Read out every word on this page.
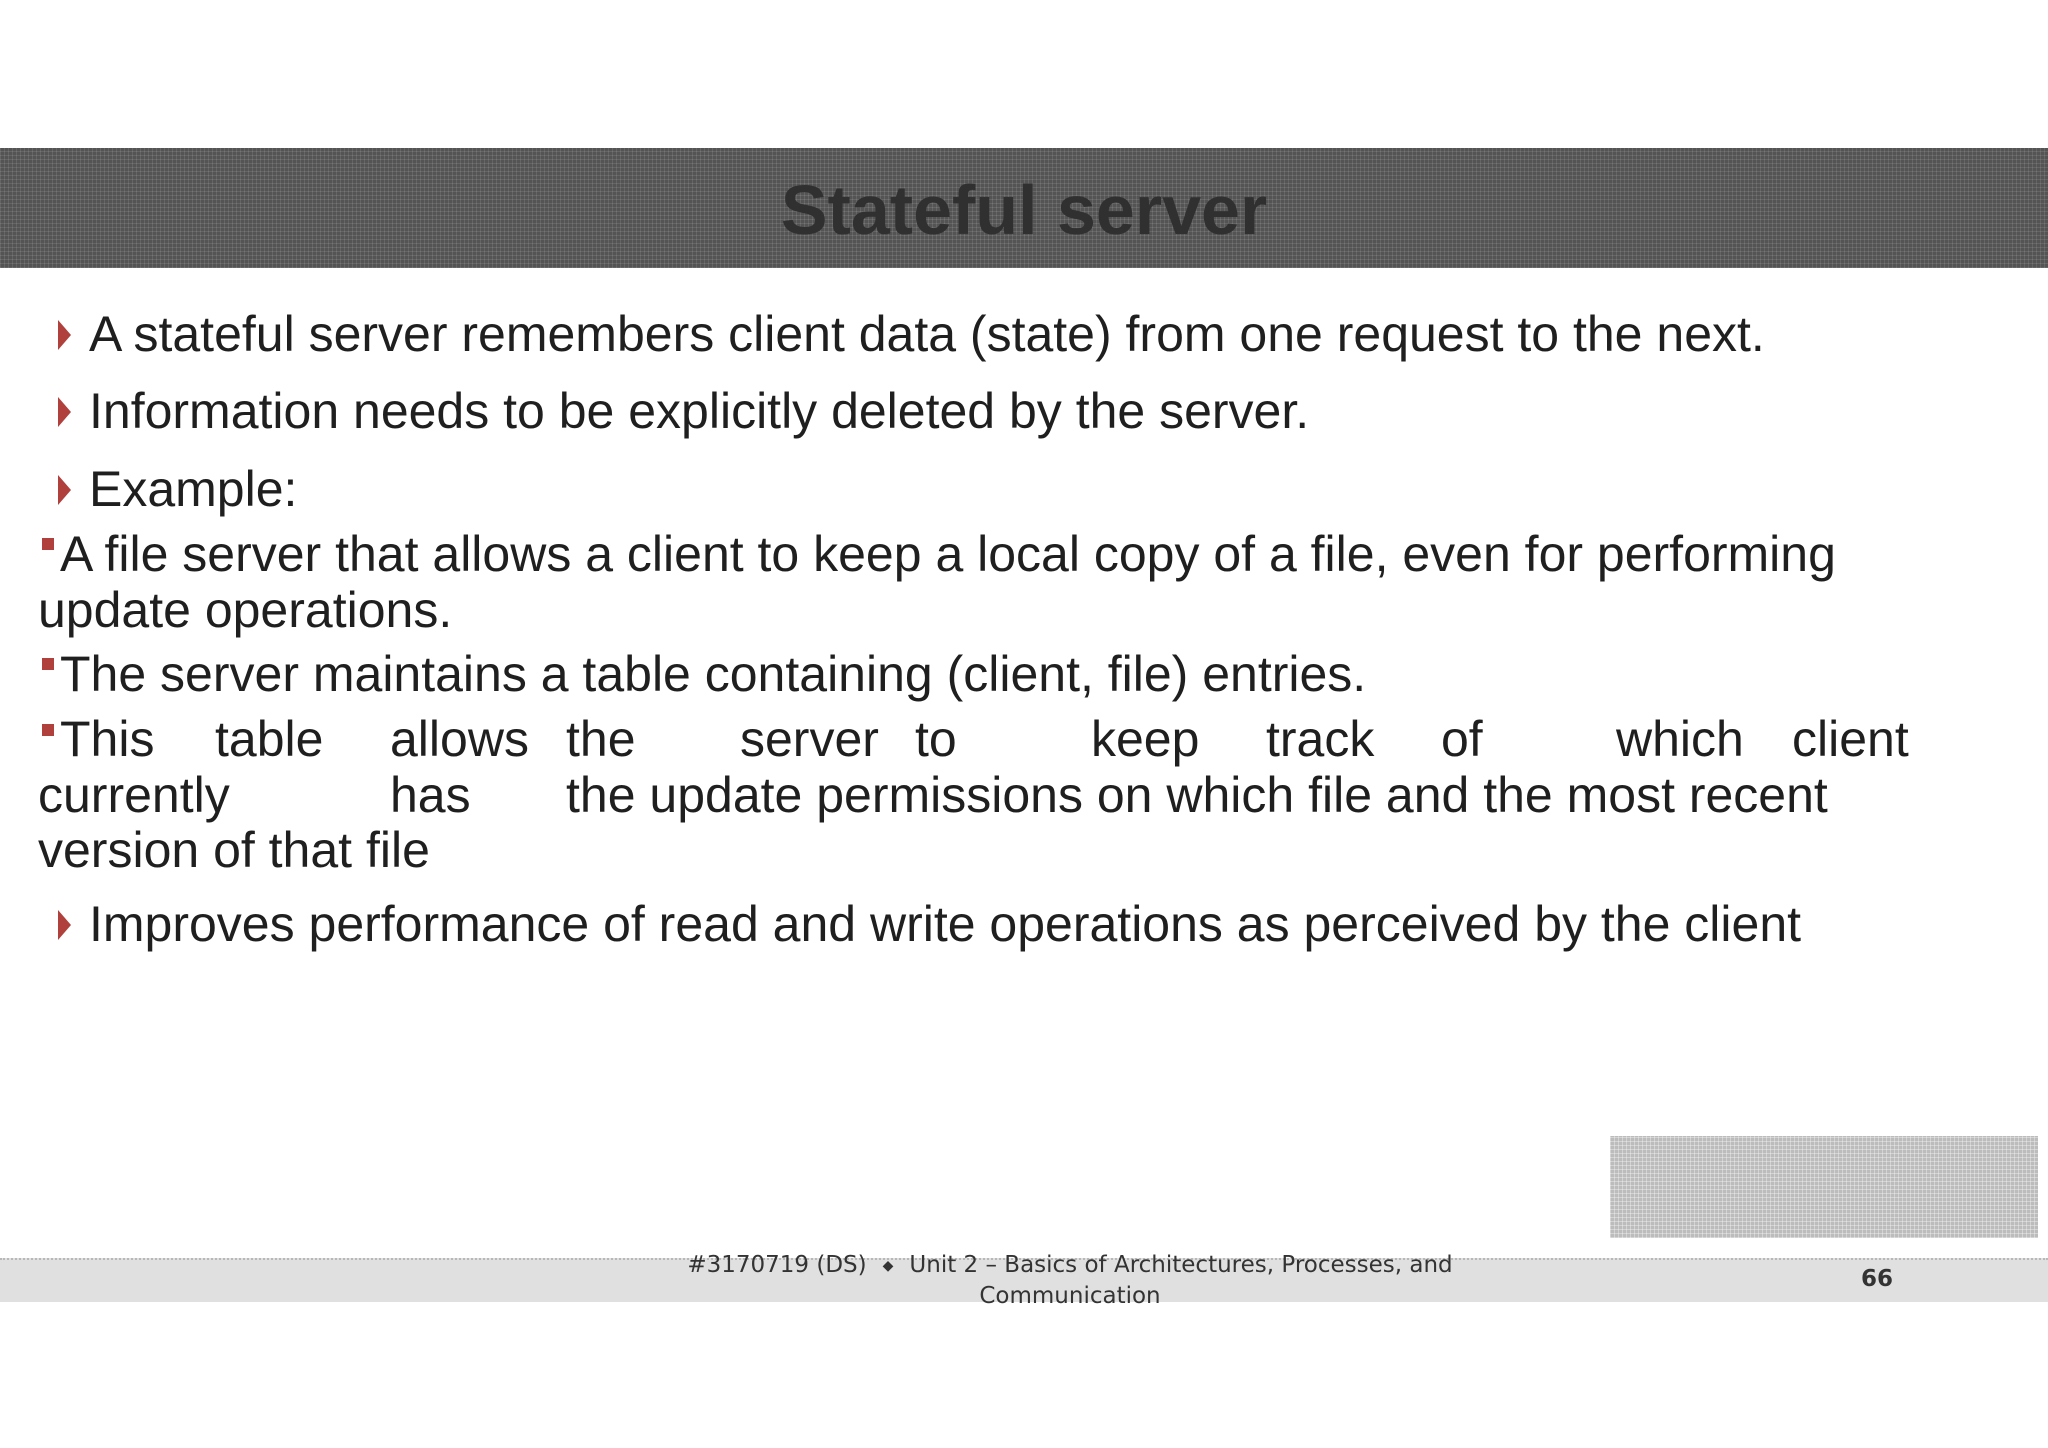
Stateful server
A stateful server remembers client data (state) from one request to the next.
Information needs to be explicitly deleted by the server.
Example:
A file server that allows a client to keep a local copy of a file, even for performing
update operations.
The server maintains a table containing (client, file) entries.
This table allows the server to	keep track of	which client
currently	has the update permissions on which file and the most recent
version of that file
Improves performance of read and write operations as perceived by the client
#3170719 (DS) ◆ Unit 2 – Basics of Architectures, Processes, and
Communication
66
